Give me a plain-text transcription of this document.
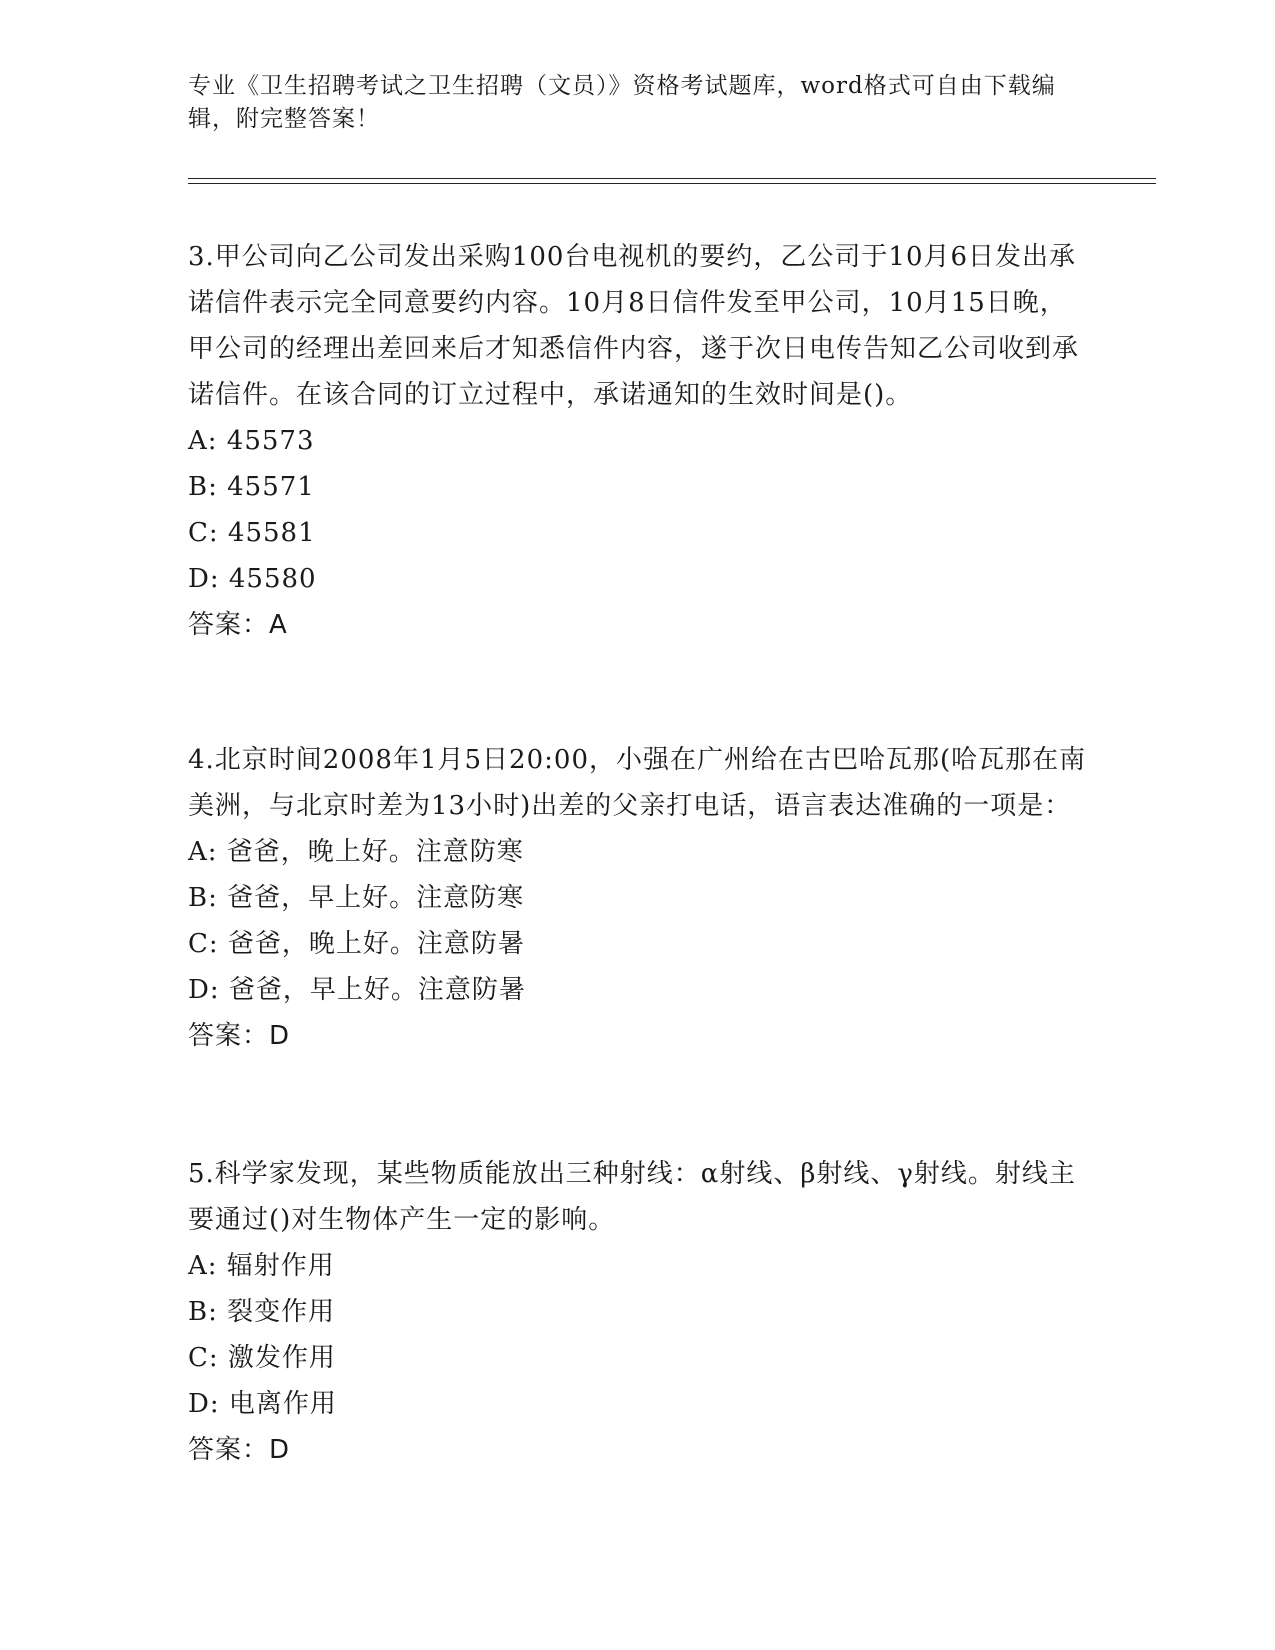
专业《卫生招聘考试之卫生招聘（文员）》资格考试题库，word格式可自由下载编辑，附完整答案！

3.甲公司向乙公司发出采购100台电视机的要约，乙公司于10月6日发出承诺信件表示完全同意要约内容。10月8日信件发至甲公司，10月15日晚，甲公司的经理出差回来后才知悉信件内容，遂于次日电传告知乙公司收到承诺信件。在该合同的订立过程中，承诺通知的生效时间是()。

A: 45573
B: 45571
C: 45581
D: 45580
答案：A

4.北京时间2008年1月5日20:00，小强在广州给在古巴哈瓦那(哈瓦那在南美洲，与北京时差为13小时)出差的父亲打电话，语言表达准确的一项是：

A: 爸爸，晚上好。注意防寒
B: 爸爸，早上好。注意防寒
C: 爸爸，晚上好。注意防暑
D: 爸爸，早上好。注意防暑
答案：D

5.科学家发现，某些物质能放出三种射线：α射线、β射线、γ射线。射线主要通过()对生物体产生一定的影响。

A: 辐射作用
B: 裂变作用
C: 激发作用
D: 电离作用
答案：D
